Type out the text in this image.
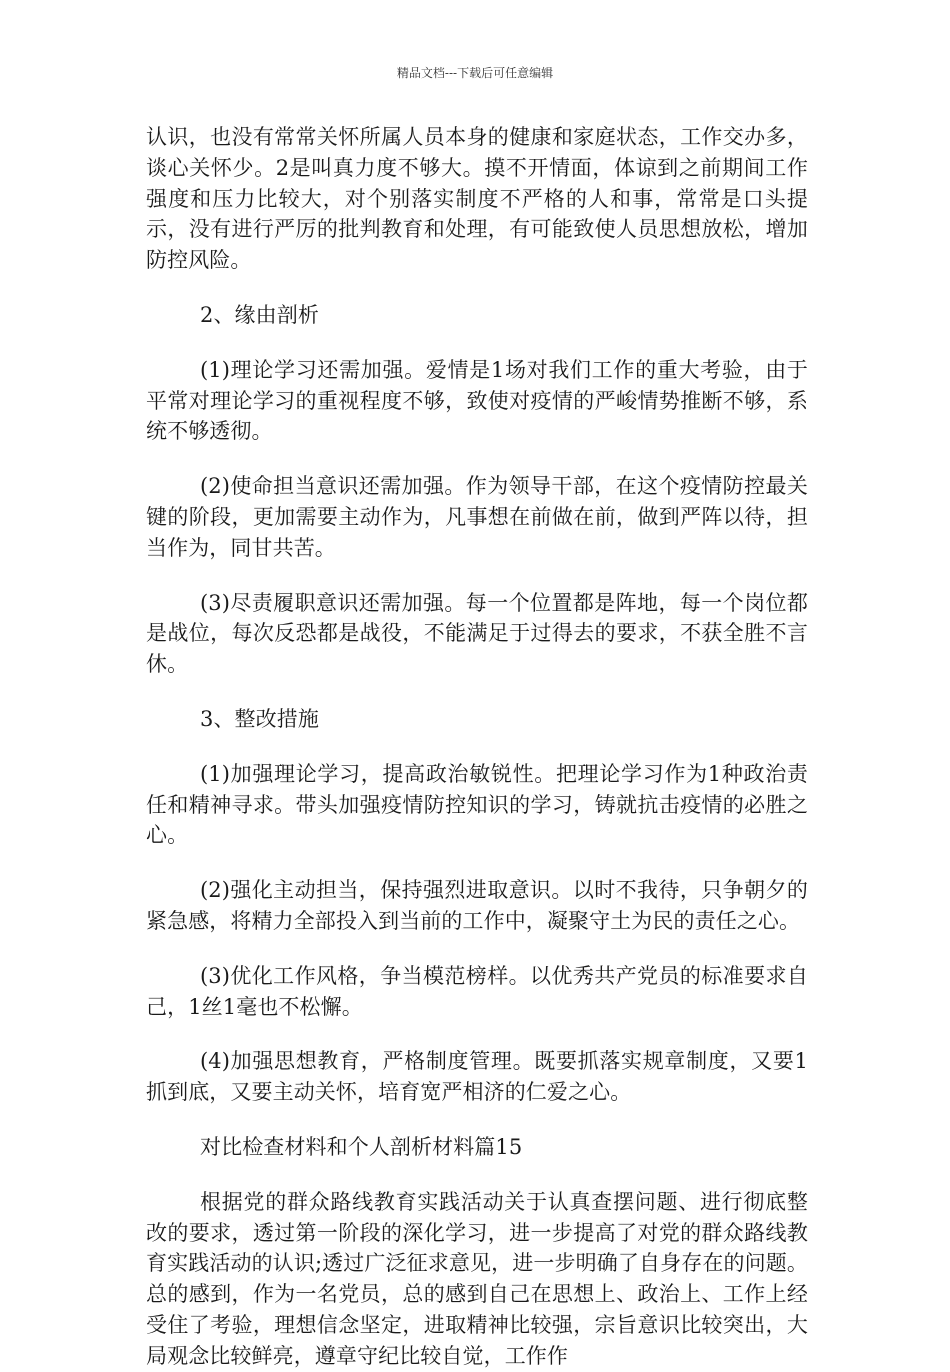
精品文档---下载后可任意编辑

认识，也没有常常关怀所属人员本身的健康和家庭状态，工作交办多，谈心关怀少。2是叫真力度不够大。摸不开情面，体谅到之前期间工作强度和压力比较大，对个别落实制度不严格的人和事，常常是口头提示，没有进行严厉的批判教育和处理，有可能致使人员思想放松，增加防控风险。

2、缘由剖析

(1)理论学习还需加强。爱情是1场对我们工作的重大考验，由于平常对理论学习的重视程度不够，致使对疫情的严峻情势推断不够，系统不够透彻。

(2)使命担当意识还需加强。作为领导干部，在这个疫情防控最关键的阶段，更加需要主动作为，凡事想在前做在前，做到严阵以待，担当作为，同甘共苦。

(3)尽责履职意识还需加强。每一个位置都是阵地，每一个岗位都是战位，每次反恐都是战役，不能满足于过得去的要求，不获全胜不言休。

3、整改措施

(1)加强理论学习，提高政治敏锐性。把理论学习作为1种政治责任和精神寻求。带头加强疫情防控知识的学习，铸就抗击疫情的必胜之心。

(2)强化主动担当，保持强烈进取意识。以时不我待，只争朝夕的紧急感，将精力全部投入到当前的工作中，凝聚守土为民的责任之心。

(3)优化工作风格，争当模范榜样。以优秀共产党员的标准要求自己，1丝1毫也不松懈。

(4)加强思想教育，严格制度管理。既要抓落实规章制度，又要1抓到底，又要主动关怀，培育宽严相济的仁爱之心。

对比检查材料和个人剖析材料篇15

根据党的群众路线教育实践活动关于认真查摆问题、进行彻底整改的要求，透过第一阶段的深化学习，进一步提高了对党的群众路线教育实践活动的认识;透过广泛征求意见，进一步明确了自身存在的问题。总的感到，作为一名党员，总的感到自己在思想上、政治上、工作上经受住了考验，理想信念坚定，进取精神比较强，宗旨意识比较突出，大局观念比较鲜亮，遵章守纪比较自觉，工作作
